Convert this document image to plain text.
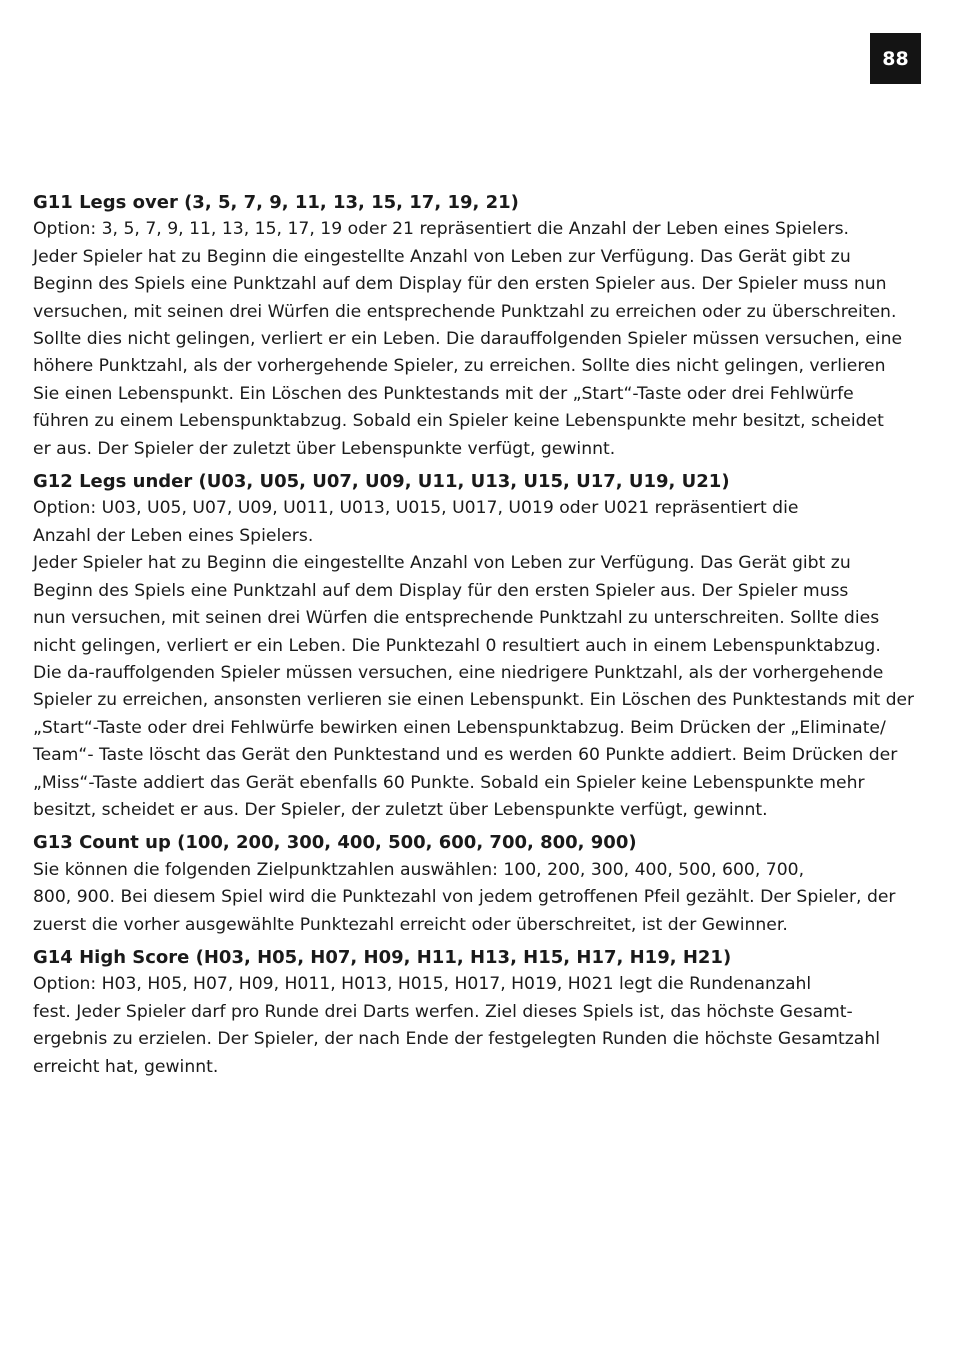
88
G11 Legs over (3, 5, 7, 9, 11, 13, 15, 17, 19, 21)
Option: 3, 5, 7, 9, 11, 13, 15, 17, 19 oder 21 repräsentiert die Anzahl der Leben eines Spielers.
Jeder Spieler hat zu Beginn die eingestellte Anzahl von Leben zur Verfügung. Das Gerät gibt zu
Beginn des Spiels eine Punktzahl auf dem Display für den ersten Spieler aus. Der Spieler muss nun
versuchen, mit seinen drei Würfen die entsprechende Punktzahl zu erreichen oder zu überschreiten.
Sollte dies nicht gelingen, verliert er ein Leben. Die darauffolgenden Spieler müssen versuchen, eine
höhere Punktzahl, als der vorhergehende Spieler, zu erreichen. Sollte dies nicht gelingen, verlieren
Sie einen Lebenspunkt. Ein Löschen des Punktestands mit der „Start“-Taste oder drei Fehlwürfe
führen zu einem Lebenspunktabzug. Sobald ein Spieler keine Lebenspunkte mehr besitzt, scheidet
er aus. Der Spieler der zuletzt über Lebenspunkte verfügt, gewinnt.
G12 Legs under (U03, U05, U07, U09, U11, U13, U15, U17, U19, U21)
Option: U03, U05, U07, U09, U011, U013, U015, U017, U019 oder U021 repräsentiert die
Anzahl der Leben eines Spielers.
Jeder Spieler hat zu Beginn die eingestellte Anzahl von Leben zur Verfügung. Das Gerät gibt zu
Beginn des Spiels eine Punktzahl auf dem Display für den ersten Spieler aus. Der Spieler muss
nun versuchen, mit seinen drei Würfen die entsprechende Punktzahl zu unterschreiten. Sollte dies
nicht gelingen, verliert er ein Leben. Die Punktezahl 0 resultiert auch in einem Lebenspunktabzug.
Die da-rauffolgenden Spieler müssen versuchen, eine niedrigere Punktzahl, als der vorhergehende
Spieler zu erreichen, ansonsten verlieren sie einen Lebenspunkt. Ein Löschen des Punktestands mit der
„Start“-Taste oder drei Fehlwürfe bewirken einen Lebenspunktabzug. Beim Drücken der „Eliminate/
Team“- Taste löscht das Gerät den Punktestand und es werden 60 Punkte addiert. Beim Drücken der
„Miss“-Taste addiert das Gerät ebenfalls 60 Punkte. Sobald ein Spieler keine Lebenspunkte mehr
besitzt, scheidet er aus. Der Spieler, der zuletzt über Lebenspunkte verfügt, gewinnt.
G13 Count up (100, 200, 300, 400, 500, 600, 700, 800, 900)
Sie können die folgenden Zielpunktzahlen auswählen: 100, 200, 300, 400, 500, 600, 700,
800, 900. Bei diesem Spiel wird die Punktezahl von jedem getroffenen Pfeil gezählt. Der Spieler, der
zuerst die vorher ausgewählte Punktezahl erreicht oder überschreitet, ist der Gewinner.
G14 High Score (H03, H05, H07, H09, H11, H13, H15, H17, H19, H21)
Option: H03, H05, H07, H09, H011, H013, H015, H017, H019, H021 legt die Rundenanzahl
fest. Jeder Spieler darf pro Runde drei Darts werfen. Ziel dieses Spiels ist, das höchste Gesamt-
ergebnis zu erzielen. Der Spieler, der nach Ende der festgelegten Runden die höchste Gesamtzahl
erreicht hat, gewinnt.
